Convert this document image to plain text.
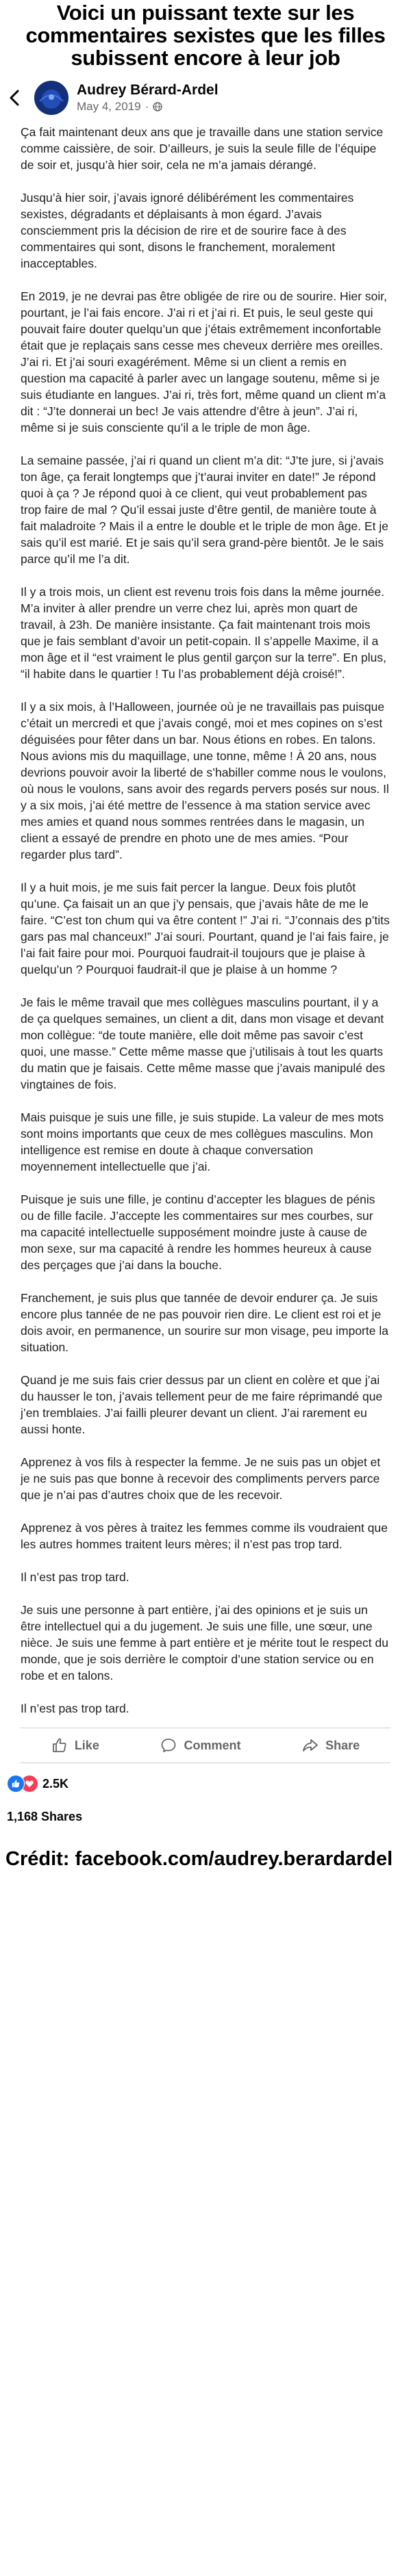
Voici un puissant texte sur les commentaires sexistes que les filles subissent encore à leur job
Audrey Bérard-Ardel
May 4, 2019 ·

Ça fait maintenant deux ans que je travaille dans une station service comme caissière, de soir. D’ailleurs, je suis la seule fille de l’équipe de soir et, jusqu’à hier soir, cela ne m’a jamais dérangé.

Jusqu’à hier soir, j’avais ignoré délibérément les commentaires sexistes, dégradants et déplaisants à mon égard. J’avais consciemment pris la décision de rire et de sourire face à des commentaires qui sont, disons le franchement, moralement inacceptables.

En 2019, je ne devrai pas être obligée de rire ou de sourire. Hier soir, pourtant, je l’ai fais encore. J’ai ri et j’ai ri. Et puis, le seul geste qui pouvait faire douter quelqu’un que j’étais extrêmement inconfortable était que je replaçais sans cesse mes cheveux derrière mes oreilles. J’ai ri. Et j’ai souri exagérément. Même si un client a remis en question ma capacité à parler avec un langage soutenu, même si je suis étudiante en langues. J’ai ri, très fort, même quand un client m’a dit : “J’te donnerai un bec! Je vais attendre d’être à jeun”. J’ai ri, même si je suis consciente qu’il a le triple de mon âge.

La semaine passée, j’ai ri quand un client m’a dit: “J’te jure, si j’avais ton âge, ça ferait longtemps que j’t’aurai inviter en date!” Je répond quoi à ça ? Je répond quoi à ce client, qui veut probablement pas trop faire de mal ? Qu’il essai juste d’être gentil, de manière toute à fait maladroite ? Mais il a entre le double et le triple de mon âge. Et je sais qu’il est marié. Et je sais qu’il sera grand-père bientôt. Je le sais parce qu’il me l’a dit.

Il y a trois mois, un client est revenu trois fois dans la même journée. M’a inviter à aller prendre un verre chez lui, après mon quart de travail, à 23h. De manière insistante. Ça fait maintenant trois mois que je fais semblant d’avoir un petit-copain. Il s’appelle Maxime, il a mon âge et il “est vraiment le plus gentil garçon sur la terre”. En plus, “il habite dans le quartier ! Tu l’as probablement déjà croisé!”.

Il y a six mois, à l’Halloween, journée où je ne travaillais pas puisque c’était un mercredi et que j’avais congé, moi et mes copines on s’est déguisées pour fêter dans un bar. Nous étions en robes. En talons. Nous avions mis du maquillage, une tonne, même ! À 20 ans, nous devrions pouvoir avoir la liberté de s’habiller comme nous le voulons, où nous le voulons, sans avoir des regards pervers posés sur nous. Il y a six mois, j’ai été mettre de l’essence à ma station service avec mes amies et quand nous sommes rentrées dans le magasin, un client a essayé de prendre en photo une de mes amies. “Pour regarder plus tard”.

Il y a huit mois, je me suis fait percer la langue. Deux fois plutôt qu’une. Ça faisait un an que j’y pensais, que j’avais hâte de me le faire. “C’est ton chum qui va être content !” J’ai ri. “J’connais des p’tits gars pas mal chanceux!” J’ai souri. Pourtant, quand je l’ai fais faire, je l’ai fait faire pour moi. Pourquoi faudrait-il toujours que je plaise à quelqu’un ? Pourquoi faudrait-il que je plaise à un homme ?

Je fais le même travail que mes collègues masculins pourtant, il y a de ça quelques semaines, un client a dit, dans mon visage et devant mon collègue: “de toute manière, elle doit même pas savoir c’est quoi, une masse.” Cette même masse que j’utilisais à tout les quarts du matin que je faisais. Cette même masse que j’avais manipulé des vingtaines de fois.

Mais puisque je suis une fille, je suis stupide. La valeur de mes mots sont moins importants que ceux de mes collègues masculins. Mon intelligence est remise en doute à chaque conversation moyennement intellectuelle que j’ai.

Puisque je suis une fille, je continu d’accepter les blagues de pénis ou de fille facile. J’accepte les commentaires sur mes courbes, sur ma capacité intellectuelle supposément moindre juste à cause de mon sexe, sur ma capacité à rendre les hommes heureux à cause des perçages que j’ai dans la bouche.

Franchement, je suis plus que tannée de devoir endurer ça. Je suis encore plus tannée de ne pas pouvoir rien dire. Le client est roi et je dois avoir, en permanence, un sourire sur mon visage, peu importe la situation.

Quand je me suis fais crier dessus par un client en colère et que j’ai du hausser le ton, j’avais tellement peur de me faire réprimandé que j’en tremblaies. J’ai failli pleurer devant un client. J’ai rarement eu aussi honte.

Apprenez à vos fils à respecter la femme. Je ne suis pas un objet et je ne suis pas que bonne à recevoir des compliments pervers parce que je n’ai pas d’autres choix que de les recevoir.

Apprenez à vos pères à traitez les femmes comme ils voudraient que les autres hommes traitent leurs mères; il n’est pas trop tard.

Il n’est pas trop tard.

Je suis une personne à part entière, j’ai des opinions et je suis un être intellectuel qui a du jugement. Je suis une fille, une sœur, une nièce. Je suis une femme à part entière et je mérite tout le respect du monde, que je sois derrière le comptoir d’une station service ou en robe et en talons.

Il n’est pas trop tard.

Like	Comment	Share
2.5K
1,168 Shares
Crédit: facebook.com/audrey.berardardel
